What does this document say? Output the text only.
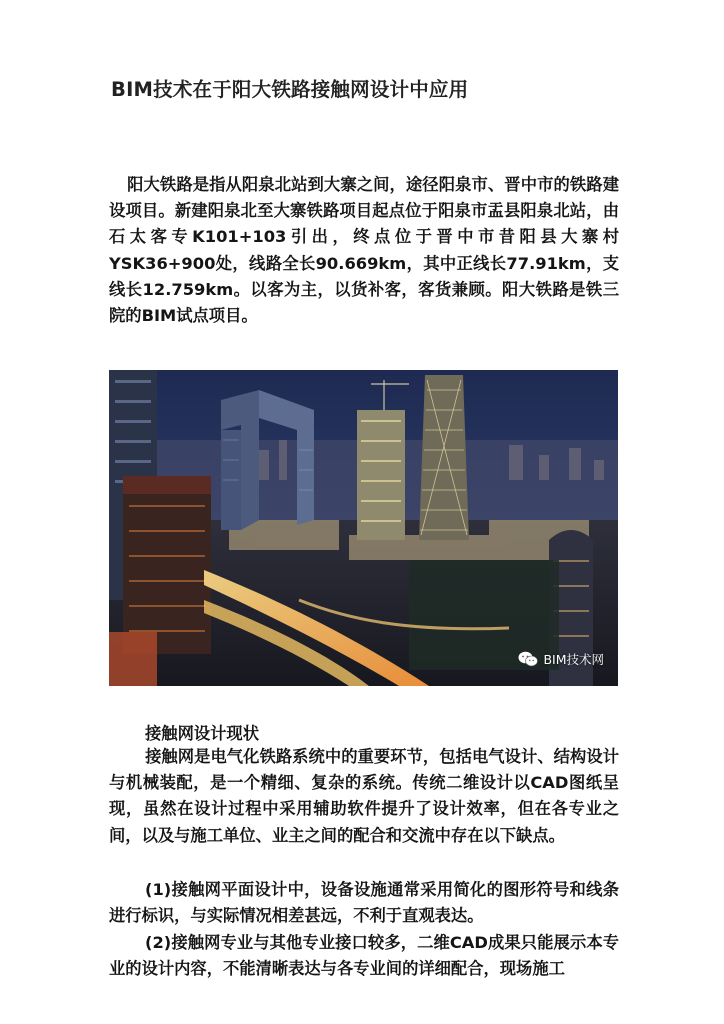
BIM技术在于阳大铁路接触网设计中应用

阳大铁路是指从阳泉北站到大寨之间，途径阳泉市、晋中市的铁路建设项目。新建阳泉北至大寨铁路项目起点位于阳泉市盂县阳泉北站，由石太客专K101+103引出，终点位于晋中市昔阳县大寨村YSK36+900处，线路全长90.669km，其中正线长77.91km，支线长12.759km。以客为主，以货补客，客货兼顾。阳大铁路是铁三院的BIM试点项目。

BIM技术网
接触网设计现状

接触网是电气化铁路系统中的重要环节，包括电气设计、结构设计与机械装配，是一个精细、复杂的系统。传统二维设计以CAD图纸呈现，虽然在设计过程中采用辅助软件提升了设计效率，但在各专业之间，以及与施工单位、业主之间的配合和交流中存在以下缺点。

(1)接触网平面设计中，设备设施通常采用简化的图形符号和线条进行标识，与实际情况相差甚远，不利于直观表达。

(2)接触网专业与其他专业接口较多，二维CAD成果只能展示本专业的设计内容，不能清晰表达与各专业间的详细配合，现场施工
